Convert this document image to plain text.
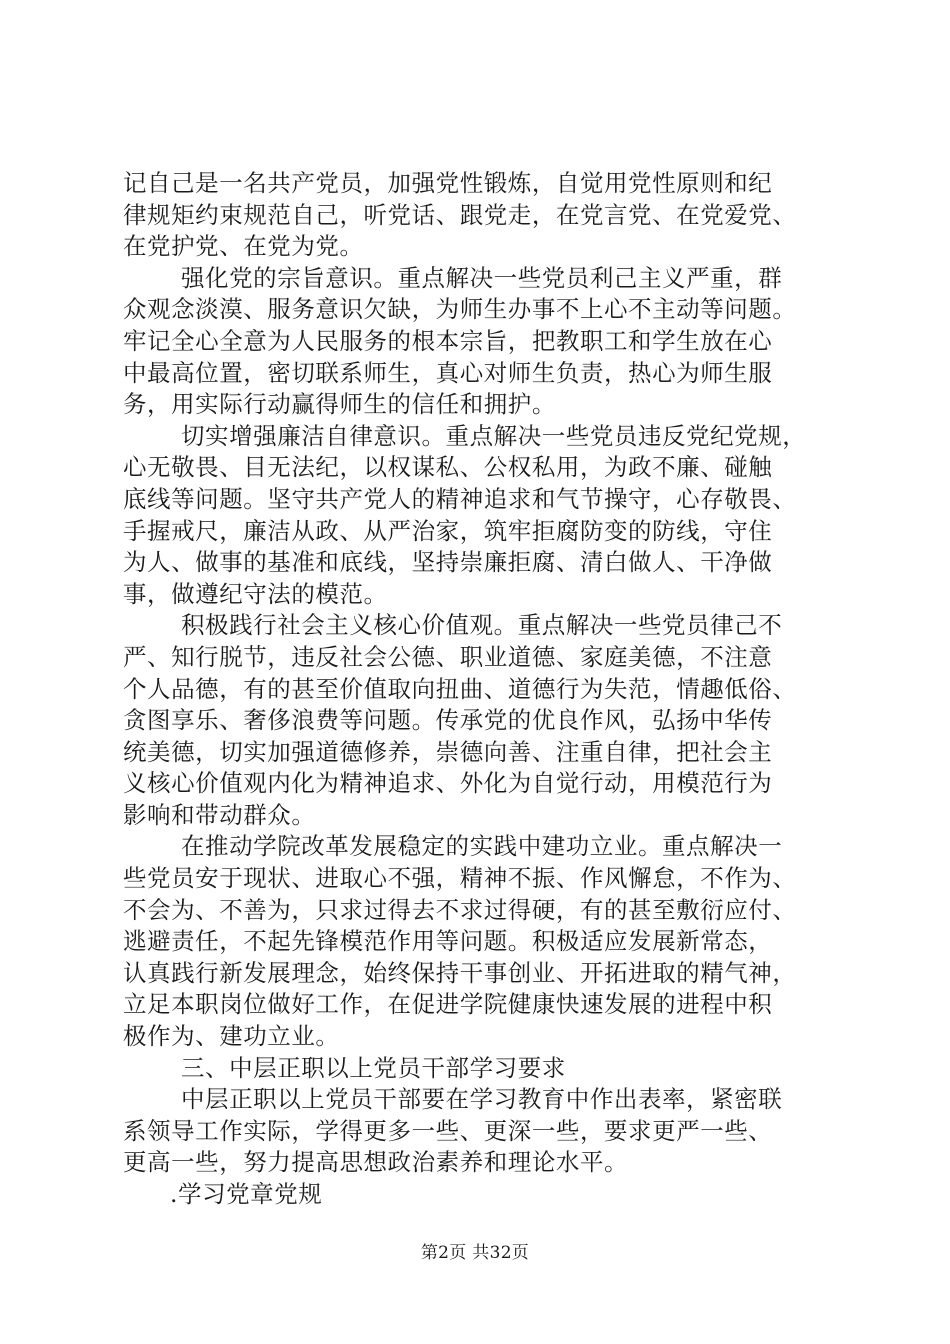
记自己是一名共产党员，加强党性锻炼，自觉用党性原则和纪
律规矩约束规范自己，听党话、跟党走，在党言党、在党爱党、
在党护党、在党为党。
强化党的宗旨意识。重点解决一些党员利己主义严重，群
众观念淡漠、服务意识欠缺，为师生办事不上心不主动等问题。
牢记全心全意为人民服务的根本宗旨，把教职工和学生放在心
中最高位置，密切联系师生，真心对师生负责，热心为师生服
务，用实际行动赢得师生的信任和拥护。
切实增强廉洁自律意识。重点解决一些党员违反党纪党规，
心无敬畏、目无法纪，以权谋私、公权私用，为政不廉、碰触
底线等问题。坚守共产党人的精神追求和气节操守，心存敬畏、
手握戒尺，廉洁从政、从严治家，筑牢拒腐防变的防线，守住
为人、做事的基准和底线，坚持崇廉拒腐、清白做人、干净做
事，做遵纪守法的模范。
积极践行社会主义核心价值观。重点解决一些党员律己不
严、知行脱节，违反社会公德、职业道德、家庭美德，不注意
个人品德，有的甚至价值取向扭曲、道德行为失范，情趣低俗、
贪图享乐、奢侈浪费等问题。传承党的优良作风，弘扬中华传
统美德，切实加强道德修养，崇德向善、注重自律，把社会主
义核心价值观内化为精神追求、外化为自觉行动，用模范行为
影响和带动群众。
在推动学院改革发展稳定的实践中建功立业。重点解决一
些党员安于现状、进取心不强，精神不振、作风懈怠，不作为、
不会为、不善为，只求过得去不求过得硬，有的甚至敷衍应付、
逃避责任，不起先锋模范作用等问题。积极适应发展新常态，
认真践行新发展理念，始终保持干事创业、开拓进取的精气神，
立足本职岗位做好工作，在促进学院健康快速发展的进程中积
极作为、建功立业。
三、中层正职以上党员干部学习要求
中层正职以上党员干部要在学习教育中作出表率，紧密联
系领导工作实际，学得更多一些、更深一些，要求更严一些、
更高一些，努力提高思想政治素养和理论水平。
.学习党章党规
第2页 共32页
